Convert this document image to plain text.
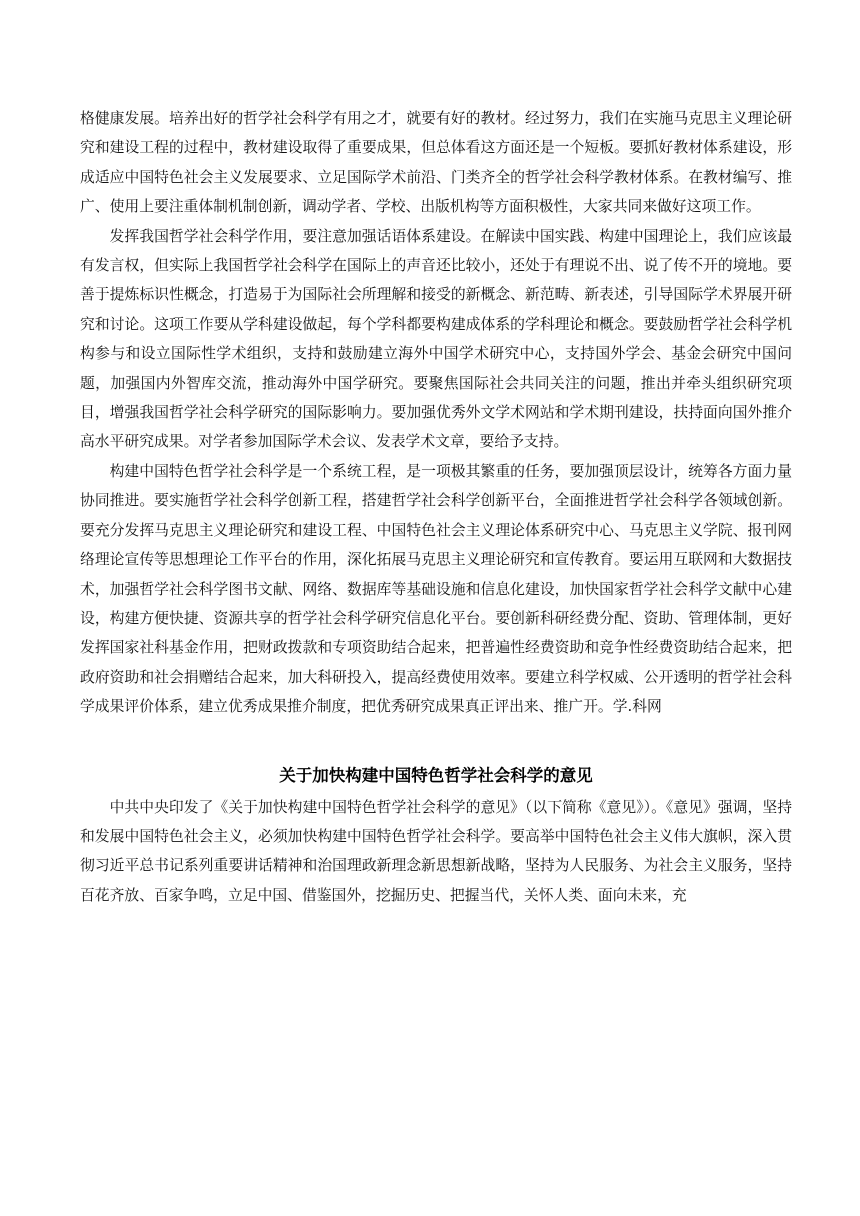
格健康发展。培养出好的哲学社会科学有用之才，就要有好的教材。经过努力，我们在实施马克思主义理论研究和建设工程的过程中，教材建设取得了重要成果，但总体看这方面还是一个短板。要抓好教材体系建设，形成适应中国特色社会主义发展要求、立足国际学术前沿、门类齐全的哲学社会科学教材体系。在教材编写、推广、使用上要注重体制机制创新，调动学者、学校、出版机构等方面积极性，大家共同来做好这项工作。

发挥我国哲学社会科学作用，要注意加强话语体系建设。在解读中国实践、构建中国理论上，我们应该最有发言权，但实际上我国哲学社会科学在国际上的声音还比较小，还处于有理说不出、说了传不开的境地。要善于提炼标识性概念，打造易于为国际社会所理解和接受的新概念、新范畴、新表述，引导国际学术界展开研究和讨论。这项工作要从学科建设做起，每个学科都要构建成体系的学科理论和概念。要鼓励哲学社会科学机构参与和设立国际性学术组织，支持和鼓励建立海外中国学术研究中心，支持国外学会、基金会研究中国问题，加强国内外智库交流，推动海外中国学研究。要聚焦国际社会共同关注的问题，推出并牵头组织研究项目，增强我国哲学社会科学研究的国际影响力。要加强优秀外文学术网站和学术期刊建设，扶持面向国外推介高水平研究成果。对学者参加国际学术会议、发表学术文章，要给予支持。

构建中国特色哲学社会科学是一个系统工程，是一项极其繁重的任务，要加强顶层设计，统筹各方面力量协同推进。要实施哲学社会科学创新工程，搭建哲学社会科学创新平台，全面推进哲学社会科学各领域创新。要充分发挥马克思主义理论研究和建设工程、中国特色社会主义理论体系研究中心、马克思主义学院、报刊网络理论宣传等思想理论工作平台的作用，深化拓展马克思主义理论研究和宣传教育。要运用互联网和大数据技术，加强哲学社会科学图书文献、网络、数据库等基础设施和信息化建设，加快国家哲学社会科学文献中心建设，构建方便快捷、资源共享的哲学社会科学研究信息化平台。要创新科研经费分配、资助、管理体制，更好发挥国家社科基金作用，把财政拨款和专项资助结合起来，把普遍性经费资助和竞争性经费资助结合起来，把政府资助和社会捐赠结合起来，加大科研投入，提高经费使用效率。要建立科学权威、公开透明的哲学社会科学成果评价体系，建立优秀成果推介制度，把优秀研究成果真正评出来、推广开。学.科网

关于加快构建中国特色哲学社会科学的意见

中共中央印发了《关于加快构建中国特色哲学社会科学的意见》（以下简称《意见》）。《意见》强调，坚持和发展中国特色社会主义，必须加快构建中国特色哲学社会科学。要高举中国特色社会主义伟大旗帜，深入贯彻习近平总书记系列重要讲话精神和治国理政新理念新思想新战略，坚持为人民服务、为社会主义服务，坚持百花齐放、百家争鸣，立足中国、借鉴国外，挖掘历史、把握当代，关怀人类、面向未来，充
